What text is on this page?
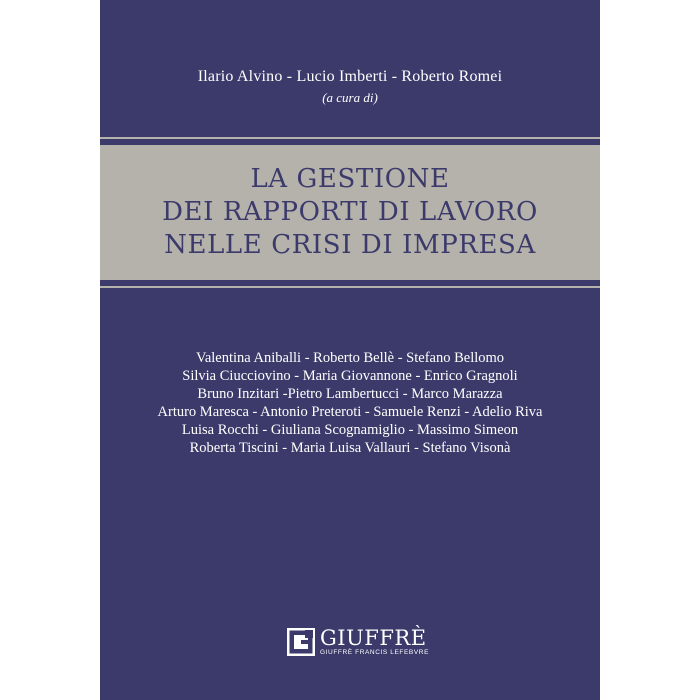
Ilario Alvino - Lucio Imberti - Roberto Romei
(a cura di)
LA GESTIONE
DEI RAPPORTI DI LAVORO
NELLE CRISI DI IMPRESA
Valentina Aniballi - Roberto Bellè - Stefano Bellomo
Silvia Ciucciovino - Maria Giovannone - Enrico Gragnoli
Bruno Inzitari -Pietro Lambertucci - Marco Marazza
Arturo Maresca - Antonio Preteroti - Samuele Renzi - Adelio Riva
Luisa Rocchi - Giuliana Scognamiglio - Massimo Simeon
Roberta Tiscini - Maria Luisa Vallauri - Stefano Visonà
GIUFFRÈ
GIUFFRÈ FRANCIS LEFEBVRE
